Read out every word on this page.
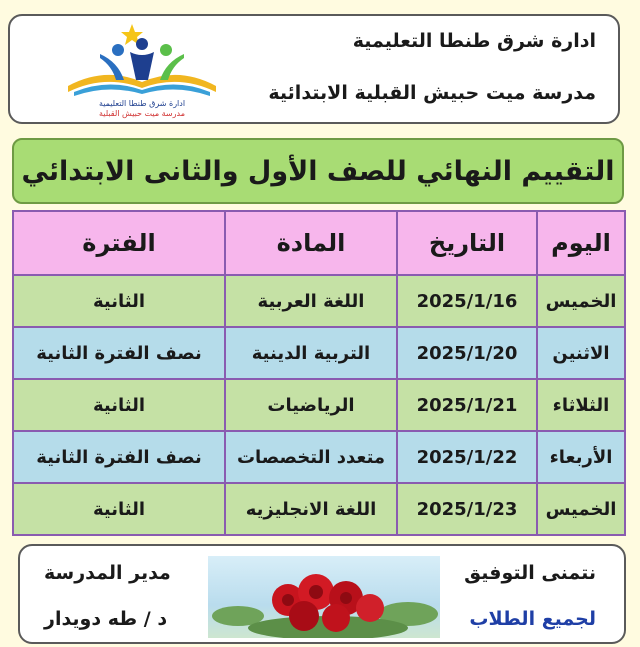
ادارة شرق طنطا التعليمية
مدرسة ميت حبيش القبلية الابتدائية
ادارة شرق طنطا التعليمية
مدرسة ميت حبيش القبلية
التقييم النهائي للصف الأول والثانى الابتدائي
اليوم	التاريخ	المادة	الفترة
الخميس	2025/1/16	اللغة العربية	الثانية
الاثنين	2025/1/20	التربية الدينية	نصف الفترة الثانية
الثلاثاء	2025/1/21	الرياضيات	الثانية
الأربعاء	2025/1/22	متعدد التخصصات	نصف الفترة الثانية
الخميس	2025/1/23	اللغة الانجليزيه	الثانية
نتمنى التوفيق
لجميع الطلاب
مدير المدرسة
د / طه دويدار
